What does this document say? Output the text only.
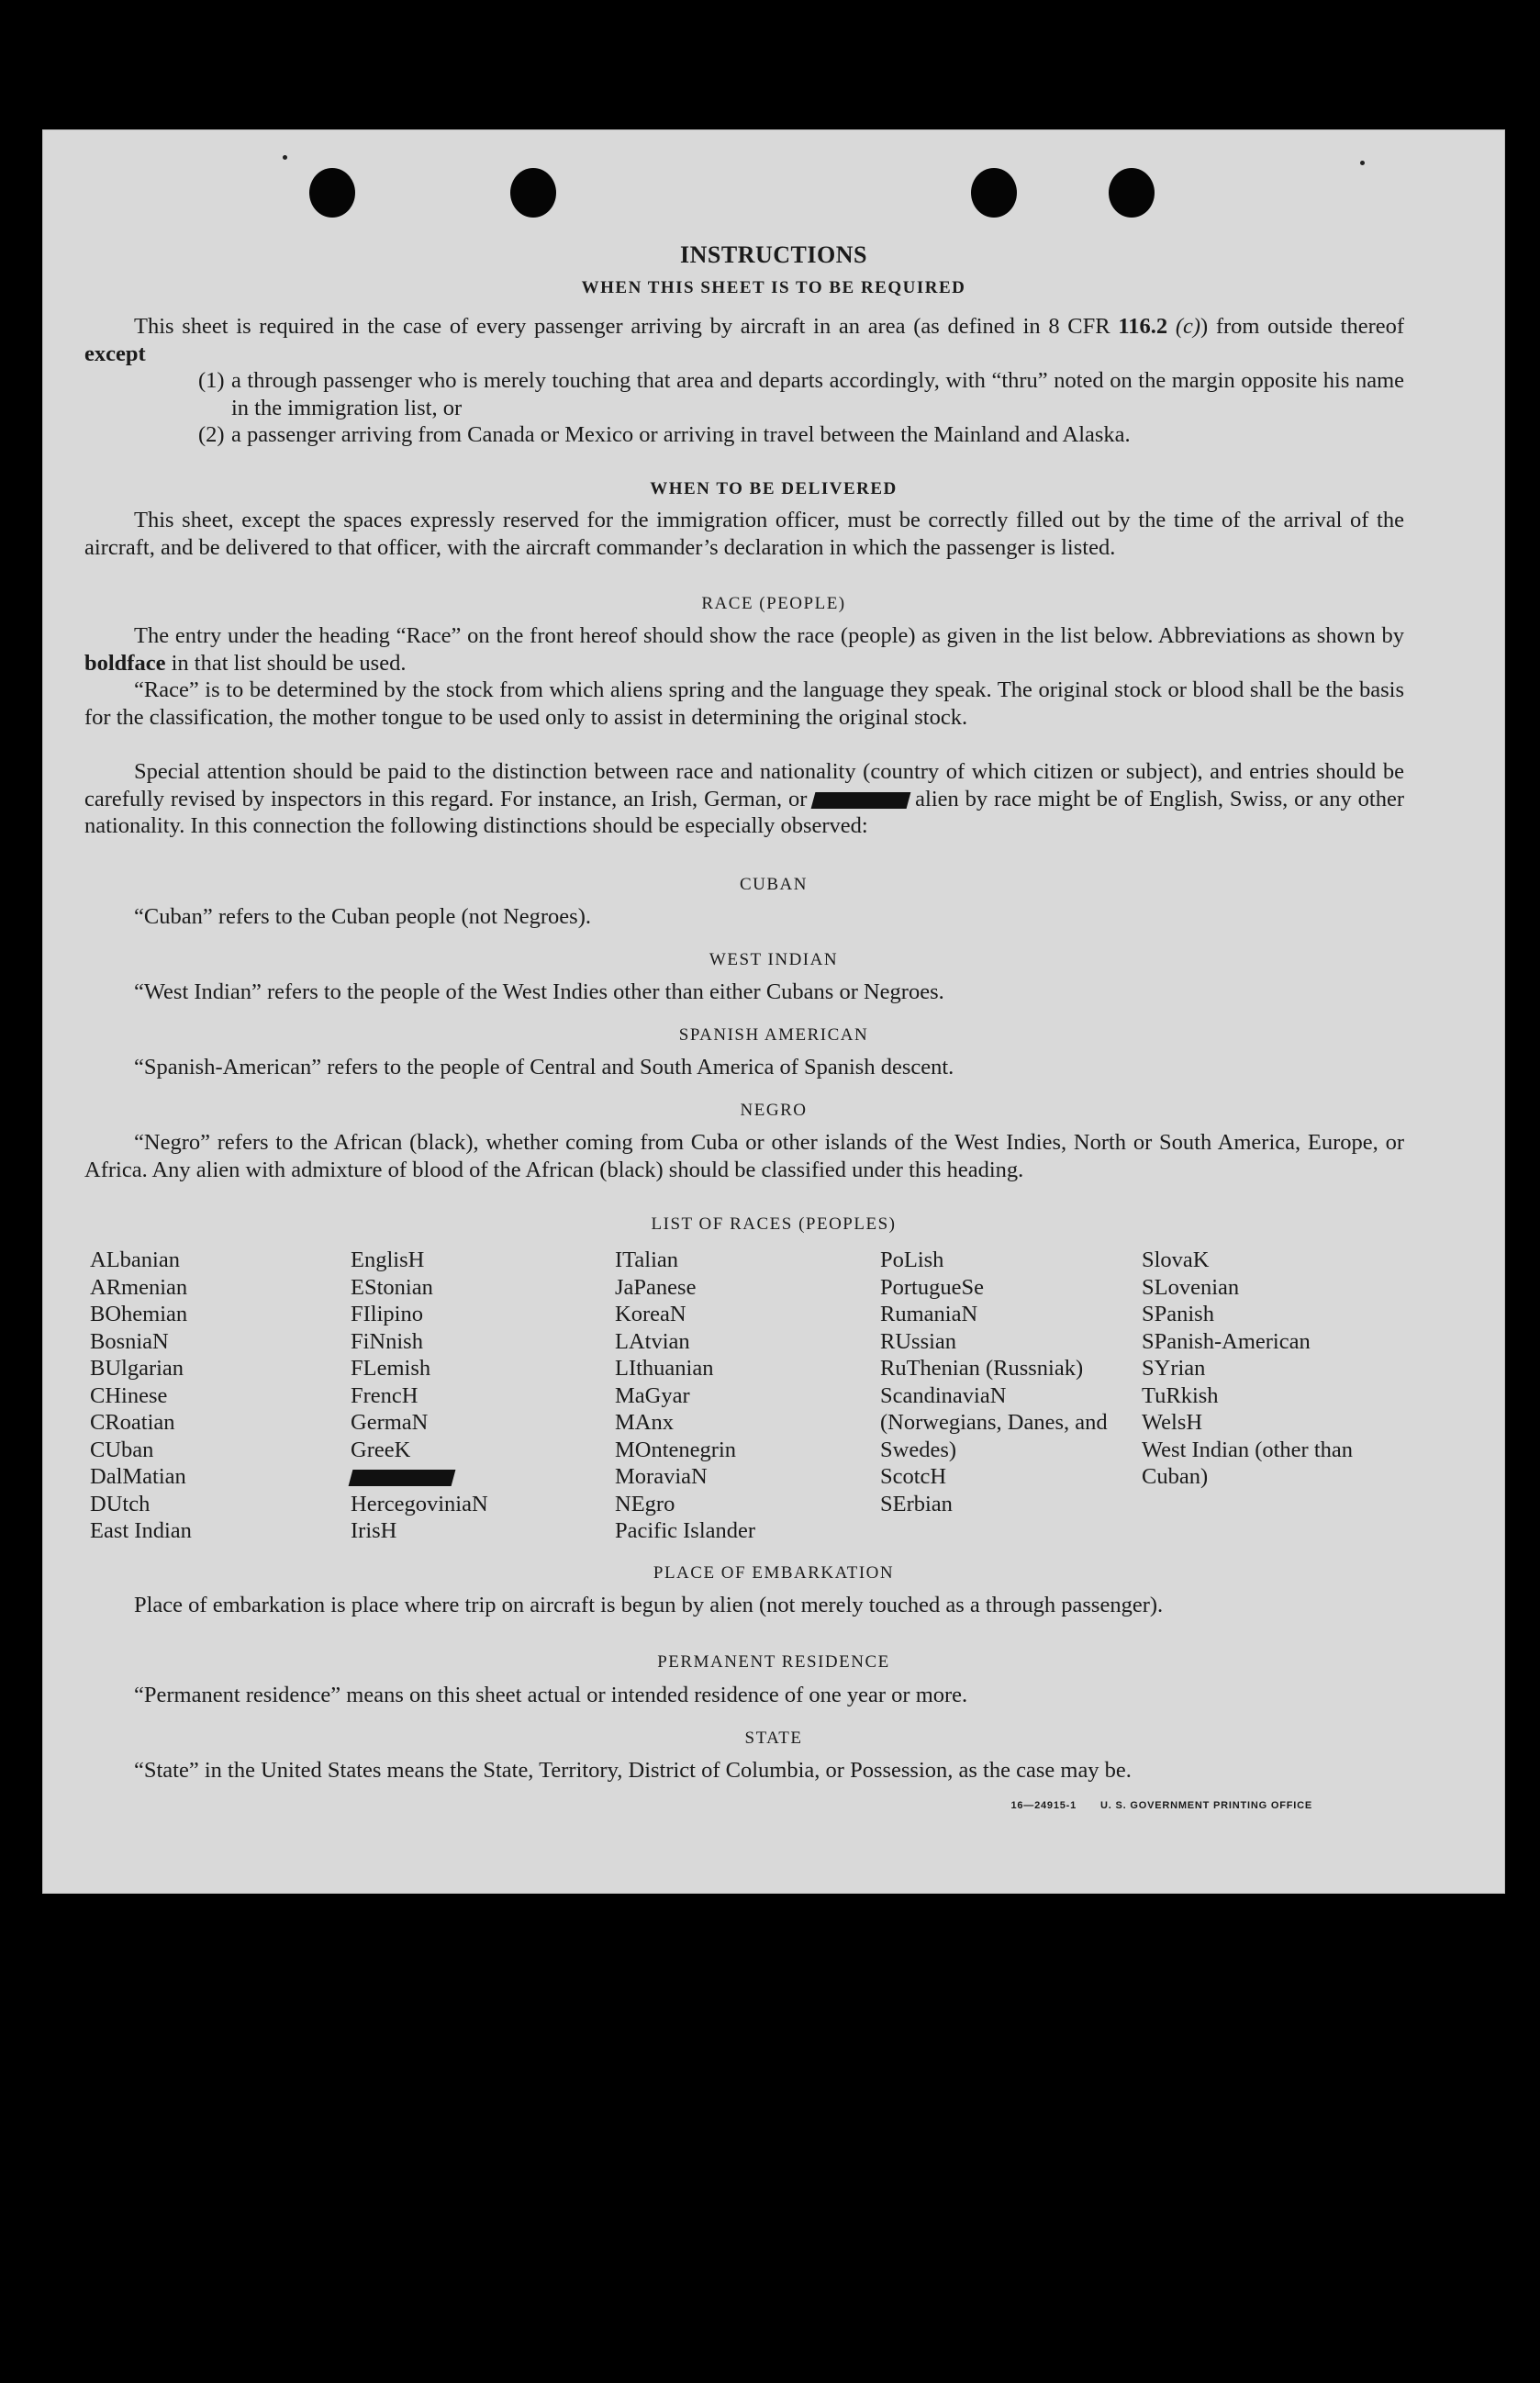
INSTRUCTIONS
WHEN THIS SHEET IS TO BE REQUIRED
This sheet is required in the case of every passenger arriving by aircraft in an area (as defined in 8 CFR 116.2 (c)) from outside thereof except
(1) a through passenger who is merely touching that area and departs accordingly, with “thru” noted on the margin opposite his name in the immigration list, or
(2) a passenger arriving from Canada or Mexico or arriving in travel between the Mainland and Alaska.
WHEN TO BE DELIVERED
This sheet, except the spaces expressly reserved for the immigration officer, must be correctly filled out by the time of the arrival of the aircraft, and be delivered to that officer, with the aircraft commander’s declaration in which the passenger is listed.
RACE (PEOPLE)
The entry under the heading “Race” on the front hereof should show the race (people) as given in the list below. Abbreviations as shown by boldface in that list should be used.
“Race” is to be determined by the stock from which aliens spring and the language they speak. The original stock or blood shall be the basis for the classification, the mother tongue to be used only to assist in determining the original stock.
Special attention should be paid to the distinction between race and nationality (country of which citizen or subject), and entries should be carefully revised by inspectors in this regard. For instance, an Irish, German, or	alien by race might be of English, Swiss, or any other nationality. In this connection the following distinctions should be especially observed:
CUBAN
“Cuban” refers to the Cuban people (not Negroes).
WEST INDIAN
“West Indian” refers to the people of the West Indies other than either Cubans or Negroes.
SPANISH AMERICAN
“Spanish-American” refers to the people of Central and South America of Spanish descent.
NEGRO
“Negro” refers to the African (black), whether coming from Cuba or other islands of the West Indies, North or South America, Europe, or Africa. Any alien with admixture of blood of the African (black) should be classified under this heading.
LIST OF RACES (PEOPLES)
ALbanian
ARmenian
BOhemian
BosniaN
BUlgarian
CHinese
CRoatian
CUban
DalMatian
DUtch
East Indian
EnglisH
EStonian
FIlipino
FiNnish
FLemish
FrencH
GermaN
GreeK
HercegoviniaN
IrisH
ITalian
JaPanese
KoreaN
LAtvian
LIthuanian
MaGyar
MAnx
MOntenegrin
MoraviaN
NEgro
Pacific Islander
PoLish
PortugueSe
RumaniaN
RUssian
RuThenian (Russniak)
ScandinaviaN (Norwegians, Danes, and Swedes)
ScotcH
SErbian
SlovaK
SLovenian
SPanish
SPanish-American
SYrian
TuRkish
WelsH
West Indian (other than Cuban)
PLACE OF EMBARKATION
Place of embarkation is place where trip on aircraft is begun by alien (not merely touched as a through passenger).
PERMANENT RESIDENCE
“Permanent residence” means on this sheet actual or intended residence of one year or more.
STATE
“State” in the United States means the State, Territory, District of Columbia, or Possession, as the case may be.
16—24915-1 U. S. GOVERNMENT PRINTING OFFICE
